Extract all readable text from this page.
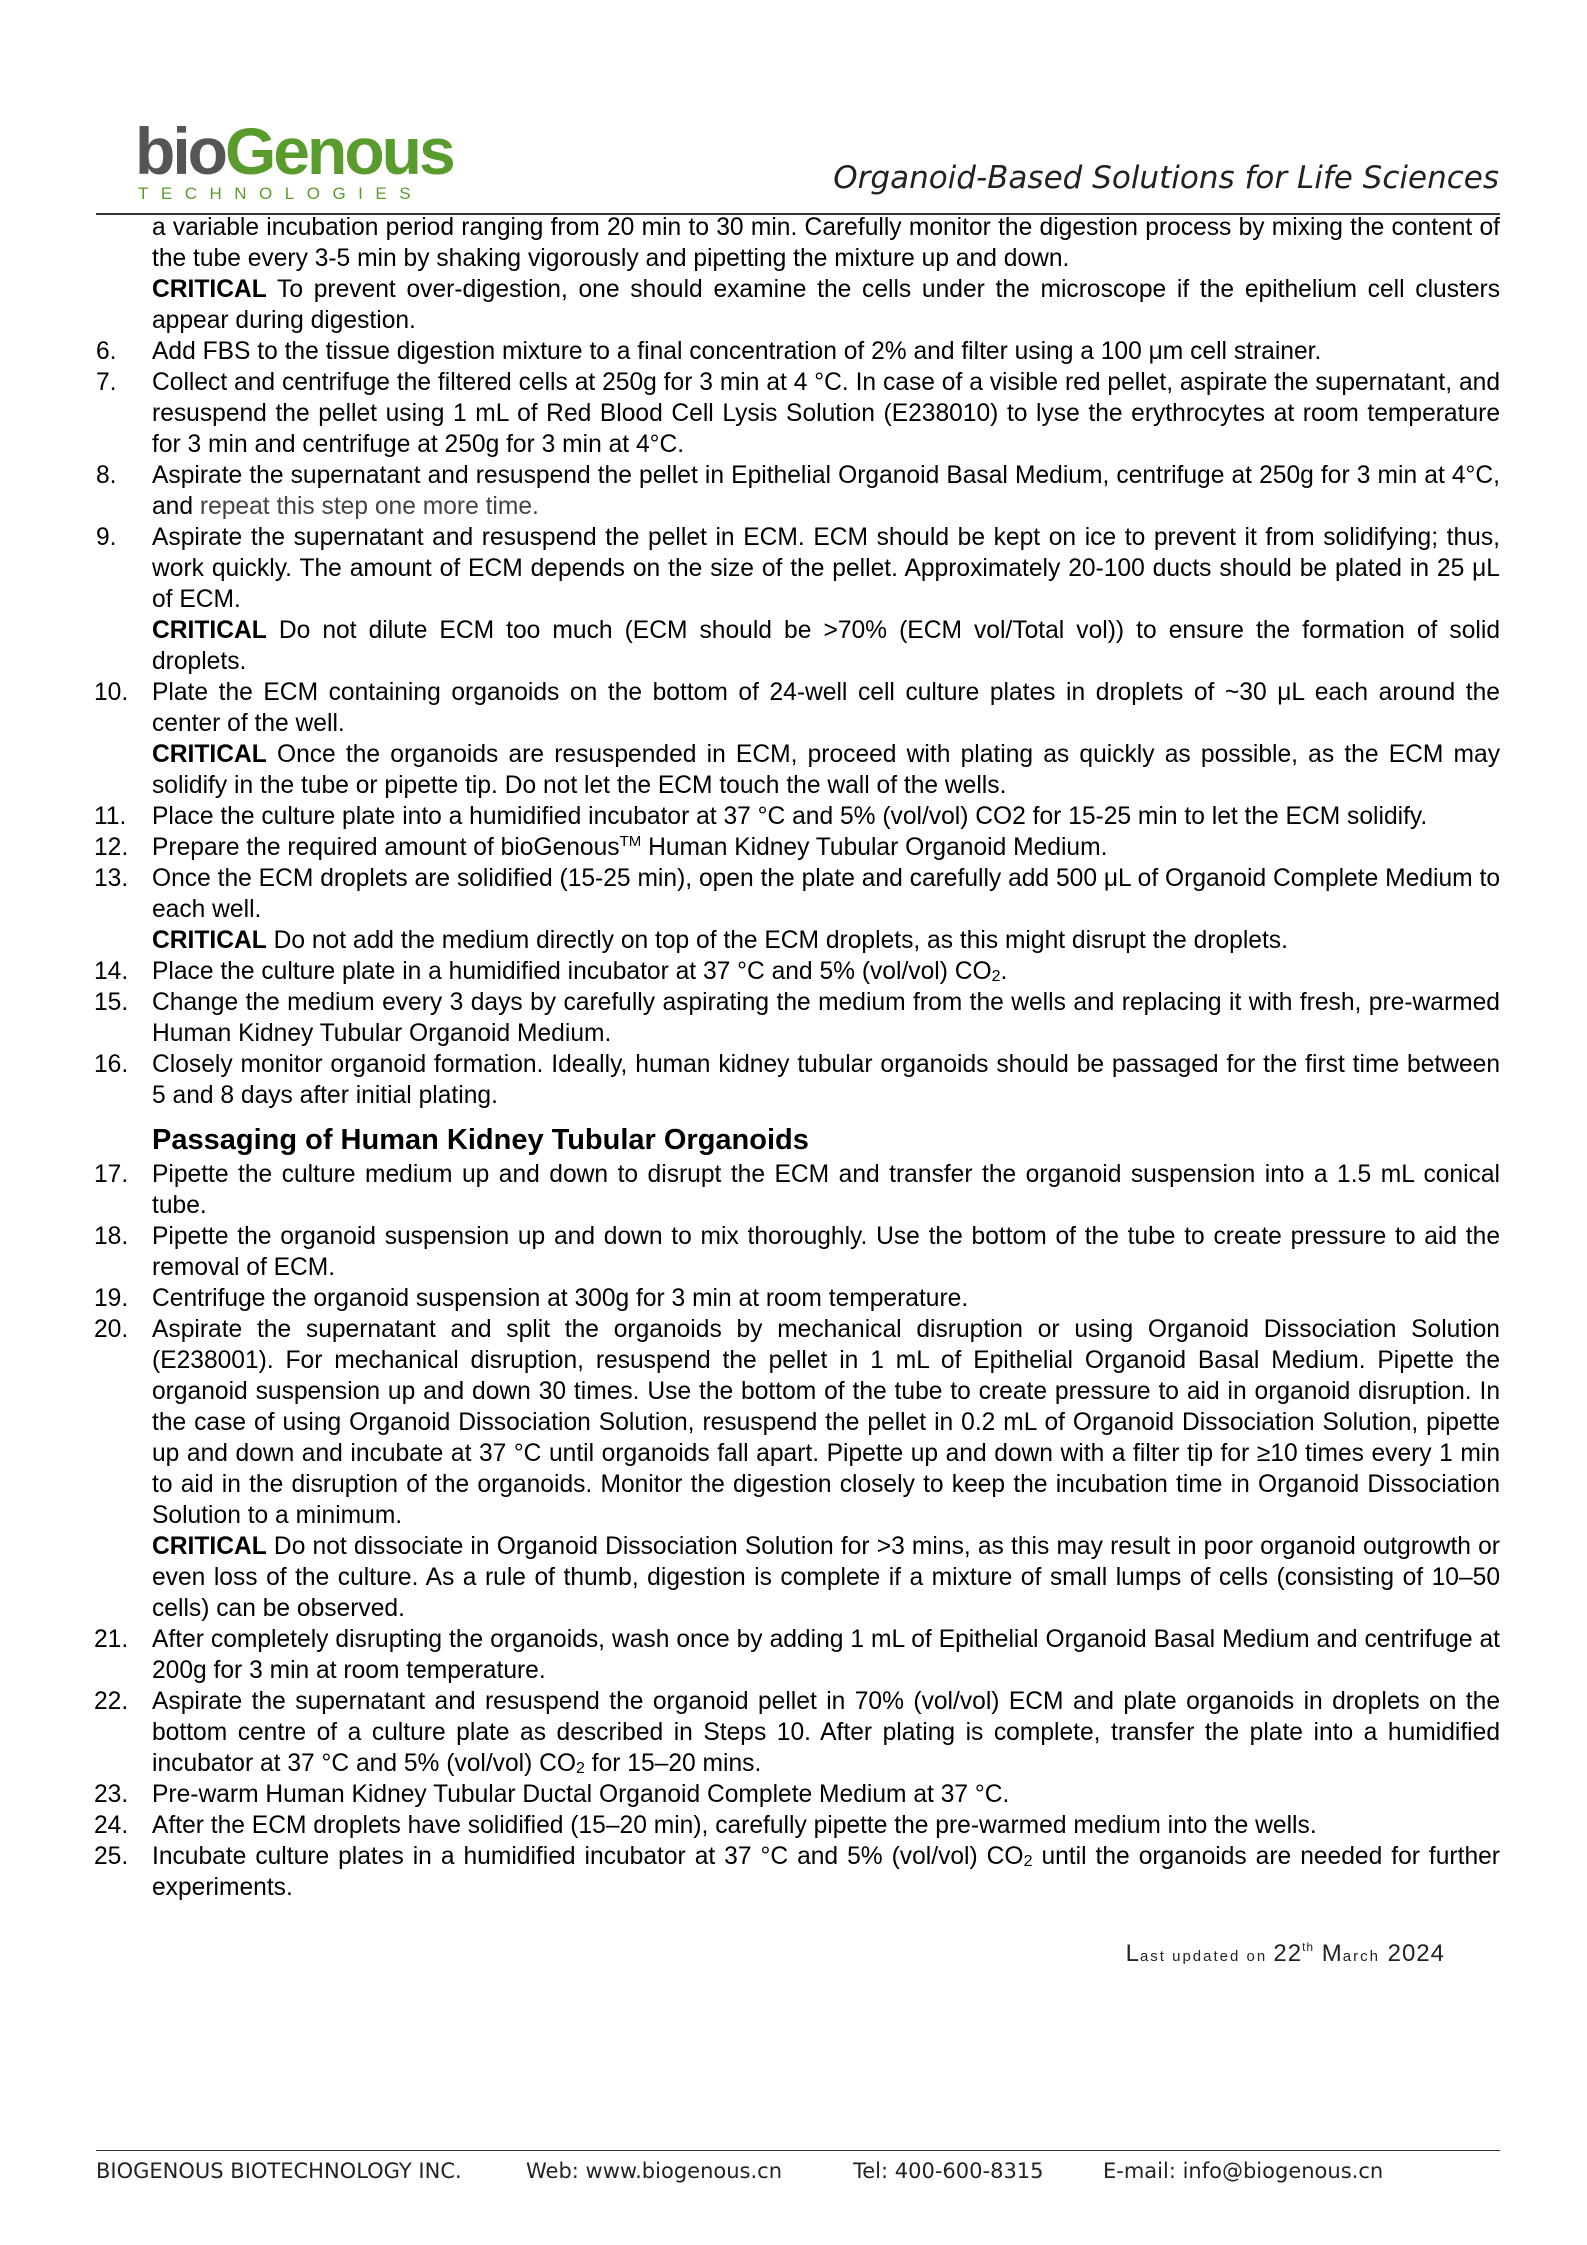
bioGenous
TECHNOLOGIES	Organoid-Based Solutions for Life Sciences

a variable incubation period ranging from 20 min to 30 min. Carefully monitor the digestion process by mixing the content of the tube every 3-5 min by shaking vigorously and pipetting the mixture up and down.

CRITICAL To prevent over-digestion, one should examine the cells under the microscope if the epithelium cell clusters appear during digestion.

6.	Add FBS to the tissue digestion mixture to a final concentration of 2% and filter using a 100 μm cell strainer.

7.	Collect and centrifuge the filtered cells at 250g for 3 min at 4 °C. In case of a visible red pellet, aspirate the supernatant, and resuspend the pellet using 1 mL of Red Blood Cell Lysis Solution (E238010) to lyse the erythrocytes at room temperature for 3 min and centrifuge at 250g for 3 min at 4°C.

8.	Aspirate the supernatant and resuspend the pellet in Epithelial Organoid Basal Medium, centrifuge at 250g for 3 min at 4°C, and repeat this step one more time.

9.	Aspirate the supernatant and resuspend the pellet in ECM. ECM should be kept on ice to prevent it from solidifying; thus, work quickly. The amount of ECM depends on the size of the pellet. Approximately 20-100 ducts should be plated in 25 μL of ECM.

CRITICAL Do not dilute ECM too much (ECM should be >70% (ECM vol/Total vol)) to ensure the formation of solid droplets.

10. Plate the ECM containing organoids on the bottom of 24-well cell culture plates in droplets of ~30 μL each around the center of the well.

CRITICAL Once the organoids are resuspended in ECM, proceed with plating as quickly as possible, as the ECM may solidify in the tube or pipette tip. Do not let the ECM touch the wall of the wells.

11.	Place the culture plate into a humidified incubator at 37 °C and 5% (vol/vol) CO2 for 15-25 min to let the ECM solidify.

12. Prepare the required amount of bioGenous™ Human Kidney Tubular Organoid Medium.

13. Once the ECM droplets are solidified (15-25 min), open the plate and carefully add 500 μL of Organoid Complete Medium to each well.

CRITICAL Do not add the medium directly on top of the ECM droplets, as this might disrupt the droplets.

14. Place the culture plate in a humidified incubator at 37 °C and 5% (vol/vol) $CO_2$.

15. Change the medium every 3 days by carefully aspirating the medium from the wells and replacing it with fresh, pre-warmed Human Kidney Tubular Organoid Medium.

16. Closely monitor organoid formation. Ideally, human kidney tubular organoids should be passaged for the first time between 5 and 8 days after initial plating.

Passaging of Human Kidney Tubular Organoids
17. Pipette the culture medium up and down to disrupt the ECM and transfer the organoid suspension into a 1.5 mL conical tube.

18. Pipette the organoid suspension up and down to mix thoroughly. Use the bottom of the tube to create pressure to aid the removal of ECM.

19. Centrifuge the organoid suspension at 300g for 3 min at room temperature.

20. Aspirate the supernatant and split the organoids by mechanical disruption or using Organoid Dissociation Solution (E238001). For mechanical disruption, resuspend the pellet in 1 mL of Epithelial Organoid Basal Medium. Pipette the organoid suspension up and down 30 times. Use the bottom of the tube to create pressure to aid in organoid disruption. In the case of using Organoid Dissociation Solution, resuspend the pellet in 0.2 mL of Organoid Dissociation Solution, pipette up and down and incubate at 37 °C until organoids fall apart. Pipette up and down with a filter tip for ≥10 times every 1 min to aid in the disruption of the organoids. Monitor the digestion closely to keep the incubation time in Organoid Dissociation Solution to a minimum.

CRITICAL Do not dissociate in Organoid Dissociation Solution for >3 mins, as this may result in poor organoid outgrowth or even loss of the culture. As a rule of thumb, digestion is complete if a mixture of small lumps of cells (consisting of 10–50 cells) can be observed.

21. After completely disrupting the organoids, wash once by adding 1 mL of Epithelial Organoid Basal Medium and centrifuge at 200g for 3 min at room temperature.

22. Aspirate the supernatant and resuspend the organoid pellet in 70% (vol/vol) ECM and plate organoids in droplets on the bottom centre of a culture plate as described in Steps 10. After plating is complete, transfer the plate into a humidified incubator at 37 °C and 5% (vol/vol) $CO_2$ for 15–20 mins.

23. Pre-warm Human Kidney Tubular Ductal Organoid Complete Medium at 37 °C.

24. After the ECM droplets have solidified (15–20 min), carefully pipette the pre-warmed medium into the wells.

25. Incubate culture plates in a humidified incubator at 37 °C and 5% (vol/vol) $CO_2$ until the organoids are needed for further experiments.

Last updated on 22th March 2024
BIOGENOUS BIOTECHNOLOGY INC.	Web: www.biogenous.cn	Tel: 400-600-8315	E-mail: info@biogenous.cn
